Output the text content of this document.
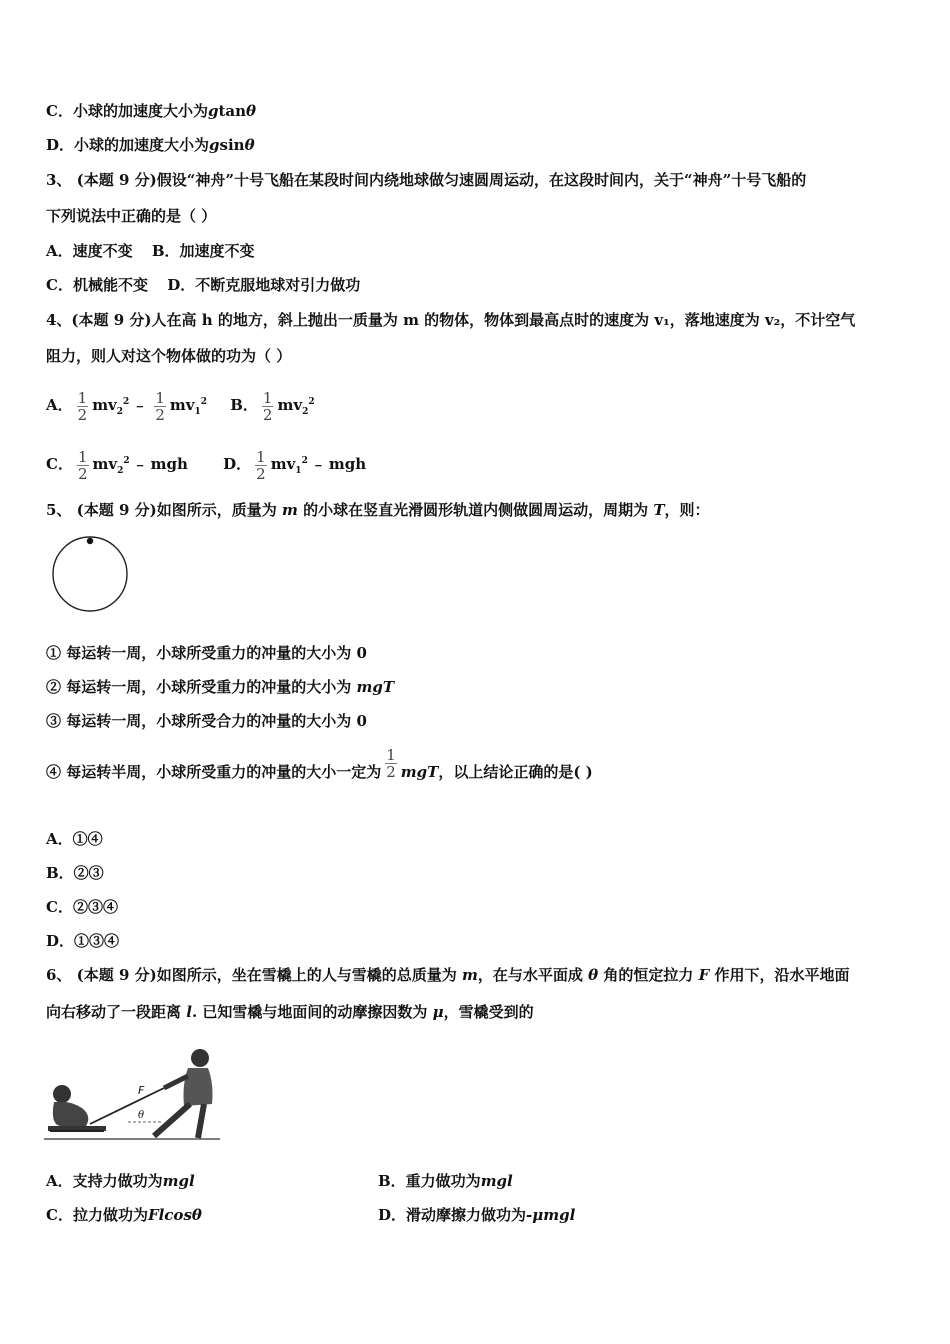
C．小球的加速度大小为gtanθ
D．小球的加速度大小为gsinθ
3、 (本题 9 分)假设“神舟”十号飞船在某段时间内绕地球做匀速圆周运动，在这段时间内，关于“神舟”十号飞船的
下列说法中正确的是（ ）
A．速度不变 B．加速度不变
C．机械能不变 D．不断克服地球对引力做功
4、(本题 9 分)人在高 h 的地方，斜上抛出一质量为 m 的物体，物体到最高点时的速度为 v₁，落地速度为 v₂，不计空气
阻力，则人对这个物体做的功为（ ）
A． $\frac{1}{2} mv_2^2$ ﹣ $\frac{1}{2} mv_1^2$ B． $\frac{1}{2} mv_2^2$
C． $\frac{1}{2} mv_2^2$ ﹣ mgh D． $\frac{1}{2} mv_1^2$ ﹣ mgh
5、 (本题 9 分)如图所示，质量为 m 的小球在竖直光滑圆形轨道内侧做圆周运动，周期为 T，则：
① 每运转一周，小球所受重力的冲量的大小为 0
② 每运转一周，小球所受重力的冲量的大小为 mgT
③ 每运转一周，小球所受合力的冲量的大小为 0
④ 每运转半周，小球所受重力的冲量的大小一定为 $\frac{1}{2}$ mgT，以上结论正确的是( )
A．①④
B．②③
C．②③④
D．①③④
6、 (本题 9 分)如图所示，坐在雪橇上的人与雪橇的总质量为 m，在与水平面成 θ 角的恒定拉力 F 作用下，沿水平地面
向右移动了一段距离 l. 已知雪橇与地面间的动摩擦因数为 μ，雪橇受到的
F
θ
A．支持力做功为mgl	B．重力做功为mgl
C．拉力做功为Flcosθ	D．滑动摩擦力做功为-μmgl
